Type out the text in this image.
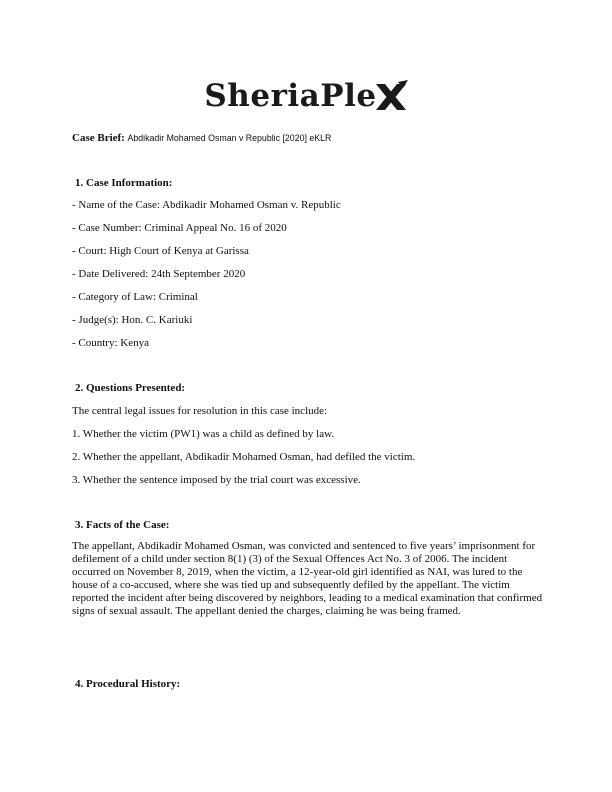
SheriaPle
Case Brief: Abdikadir Mohamed Osman v Republic [2020] eKLR
1. Case Information:
- Name of the Case: Abdikadir Mohamed Osman v. Republic
- Case Number: Criminal Appeal No. 16 of 2020
- Court: High Court of Kenya at Garissa
- Date Delivered: 24th September 2020
- Category of Law: Criminal
- Judge(s): Hon. C. Kariuki
- Country: Kenya
2. Questions Presented:
The central legal issues for resolution in this case include:
1. Whether the victim (PW1) was a child as defined by law.
2. Whether the appellant, Abdikadir Mohamed Osman, had defiled the victim.
3. Whether the sentence imposed by the trial court was excessive.
3. Facts of the Case:
The appellant, Abdikadir Mohamed Osman, was convicted and sentenced to five years’ imprisonment for defilement of a child under section 8(1) (3) of the Sexual Offences Act No. 3 of 2006. The incident occurred on November 8, 2019, when the victim, a 12-year-old girl identified as NAI, was lured to the house of a co-accused, where she was tied up and subsequently defiled by the appellant. The victim reported the incident after being discovered by neighbors, leading to a medical examination that confirmed signs of sexual assault. The appellant denied the charges, claiming he was being framed.
4. Procedural History:
